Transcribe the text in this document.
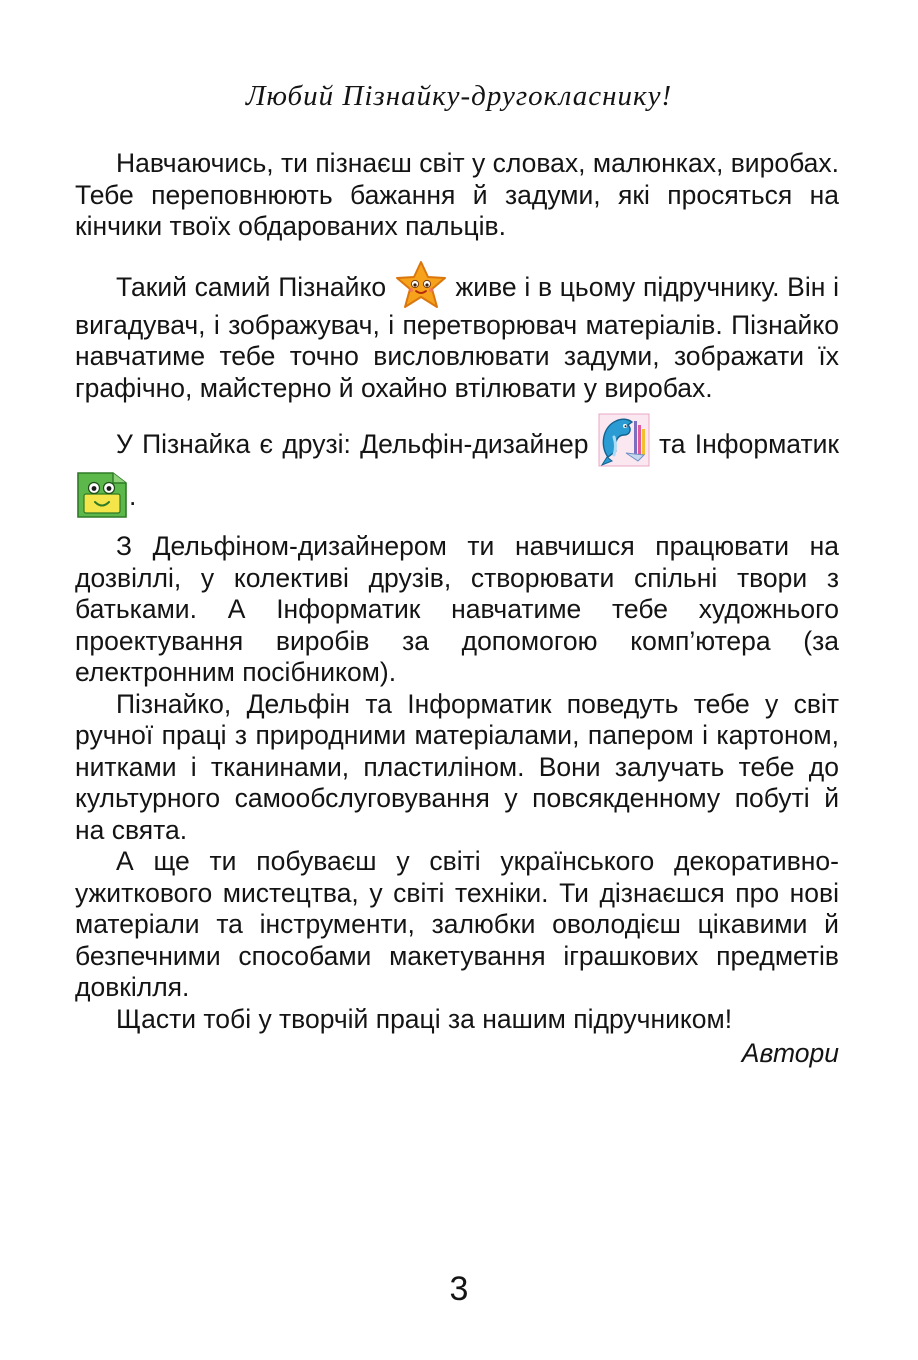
Любий Пізнайку-другокласнику!

Навчаючись, ти пізнаєш світ у словах, малюнках, виробах. Тебе переповнюють бажання й задуми, які просяться на кінчики твоїх обдарованих пальців.

Такий самий Пізнайко
живе і в цьому підручнику. Він і вигадувач, і зображувач, і перетворювач матеріалів. Пізнайко навчатиме тебе точно висловлювати задуми, зображати їх графічно, майстерно й охайно втілювати у виробах.

У Пізнайка є друзі: Дельфін-дизайнер
та Інформатик
.

З Дельфіном-дизайнером ти навчишся працювати на дозвіллі, у колективі друзів, створювати спільні твори з батьками. А Інформатик навчатиме тебе художнього проектування виробів за допомогою комп’ютера (за електронним посібником).

Пізнайко, Дельфін та Інформатик поведуть тебе у світ ручної праці з природними матеріалами, папером і картоном, нитками і тканинами, пластиліном. Вони залучать тебе до культурного самообслуговування у повсякденному побуті й на свята.

А ще ти побуваєш у світі українського декоративно-ужиткового мистецтва, у світі техніки. Ти дізнаєшся про нові матеріали та інструменти, залюбки оволодієш цікавими й безпечними способами макетування іграшкових предметів довкілля.

Щасти тобі у творчій праці за нашим підручником!

Автори
3
